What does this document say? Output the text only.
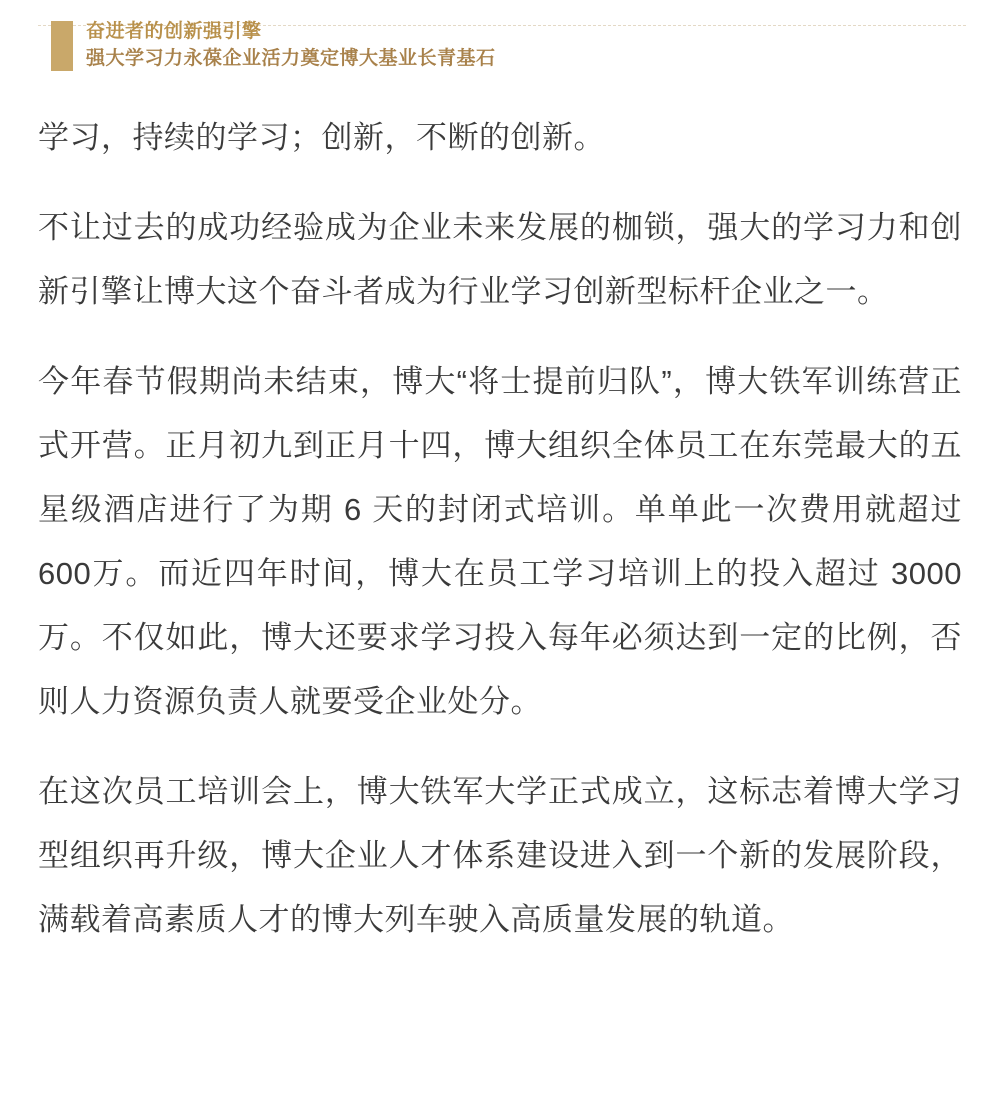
奋进者的创新强引擎
强大学习力永葆企业活力奠定博大基业长青基石

学习，持续的学习；创新，不断的创新。

不让过去的成功经验成为企业未来发展的枷锁，强大的学习力和创新引擎让博大这个奋斗者成为行业学习创新型标杆企业之一。

今年春节假期尚未结束，博大“将士提前归队”，博大铁军训练营正式开营。正月初九到正月十四，博大组织全体员工在东莞最大的五星级酒店进行了为期 6 天的封闭式培训。单单此一次费用就超过 600万。而近四年时间，博大在员工学习培训上的投入超过 3000 万。不仅如此，博大还要求学习投入每年必须达到一定的比例，否则人力资源负责人就要受企业处分。

在这次员工培训会上，博大铁军大学正式成立，这标志着博大学习型组织再升级，博大企业人才体系建设进入到一个新的发展阶段，满载着高素质人才的博大列车驶入高质量发展的轨道。
